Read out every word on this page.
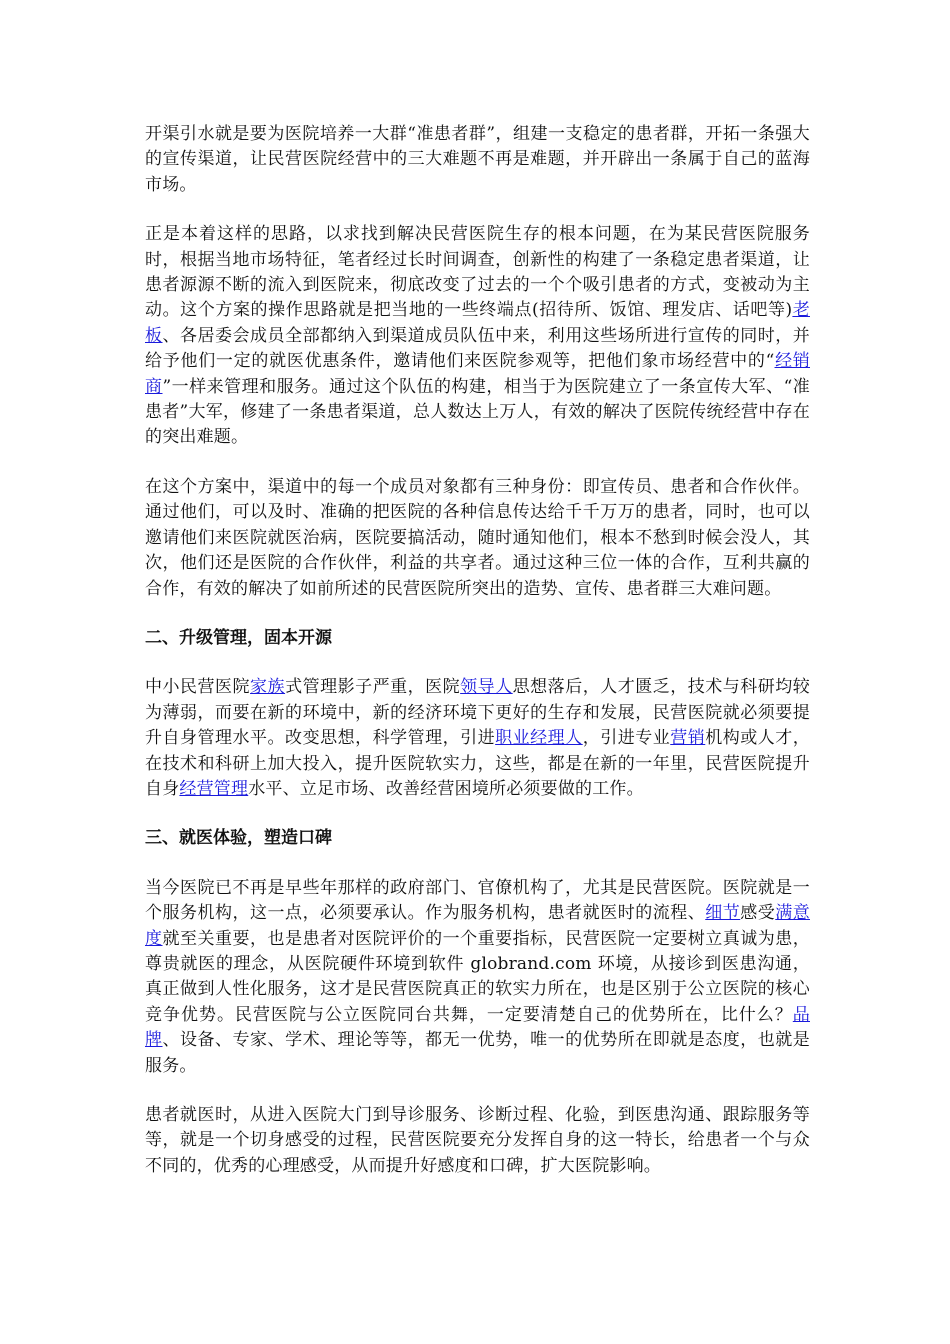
开渠引水就是要为医院培养一大群“准患者群”，组建一支稳定的患者群，开拓一条强大的宣传渠道，让民营医院经营中的三大难题不再是难题，并开辟出一条属于自己的蓝海市场。

正是本着这样的思路，以求找到解决民营医院生存的根本问题，在为某民营医院服务时，根据当地市场特征，笔者经过长时间调查，创新性的构建了一条稳定患者渠道，让患者源源不断的流入到医院来，彻底改变了过去的一个个吸引患者的方式，变被动为主动。这个方案的操作思路就是把当地的一些终端点(招待所、饭馆、理发店、话吧等)老板、各居委会成员全部都纳入到渠道成员队伍中来，利用这些场所进行宣传的同时，并给予他们一定的就医优惠条件，邀请他们来医院参观等，把他们象市场经营中的“经销商”一样来管理和服务。通过这个队伍的构建，相当于为医院建立了一条宣传大军、“准患者”大军，修建了一条患者渠道，总人数达上万人，有效的解决了医院传统经营中存在的突出难题。

在这个方案中，渠道中的每一个成员对象都有三种身份：即宣传员、患者和合作伙伴。通过他们，可以及时、准确的把医院的各种信息传达给千千万万的患者，同时，也可以邀请他们来医院就医治病，医院要搞活动，随时通知他们，根本不愁到时候会没人，其次，他们还是医院的合作伙伴，利益的共享者。通过这种三位一体的合作，互利共赢的合作，有效的解决了如前所述的民营医院所突出的造势、宣传、患者群三大难问题。

二、升级管理，固本开源

中小民营医院家族式管理影子严重，医院领导人思想落后，人才匮乏，技术与科研均较为薄弱，而要在新的环境中，新的经济环境下更好的生存和发展，民营医院就必须要提升自身管理水平。改变思想，科学管理，引进职业经理人，引进专业营销机构或人才，在技术和科研上加大投入，提升医院软实力，这些，都是在新的一年里，民营医院提升自身经营管理水平、立足市场、改善经营困境所必须要做的工作。

三、就医体验，塑造口碑

当今医院已不再是早些年那样的政府部门、官僚机构了，尤其是民营医院。医院就是一个服务机构，这一点，必须要承认。作为服务机构，患者就医时的流程、细节感受满意度就至关重要，也是患者对医院评价的一个重要指标，民营医院一定要树立真诚为患，尊贵就医的理念，从医院硬件环境到软件 globrand.com 环境，从接诊到医患沟通，真正做到人性化服务，这才是民营医院真正的软实力所在，也是区别于公立医院的核心竞争优势。民营医院与公立医院同台共舞，一定要清楚自己的优势所在，比什么？品牌、设备、专家、学术、理论等等，都无一优势，唯一的优势所在即就是态度，也就是服务。

患者就医时，从进入医院大门到导诊服务、诊断过程、化验，到医患沟通、跟踪服务等等，就是一个切身感受的过程，民营医院要充分发挥自身的这一特长，给患者一个与众不同的，优秀的心理感受，从而提升好感度和口碑，扩大医院影响。
